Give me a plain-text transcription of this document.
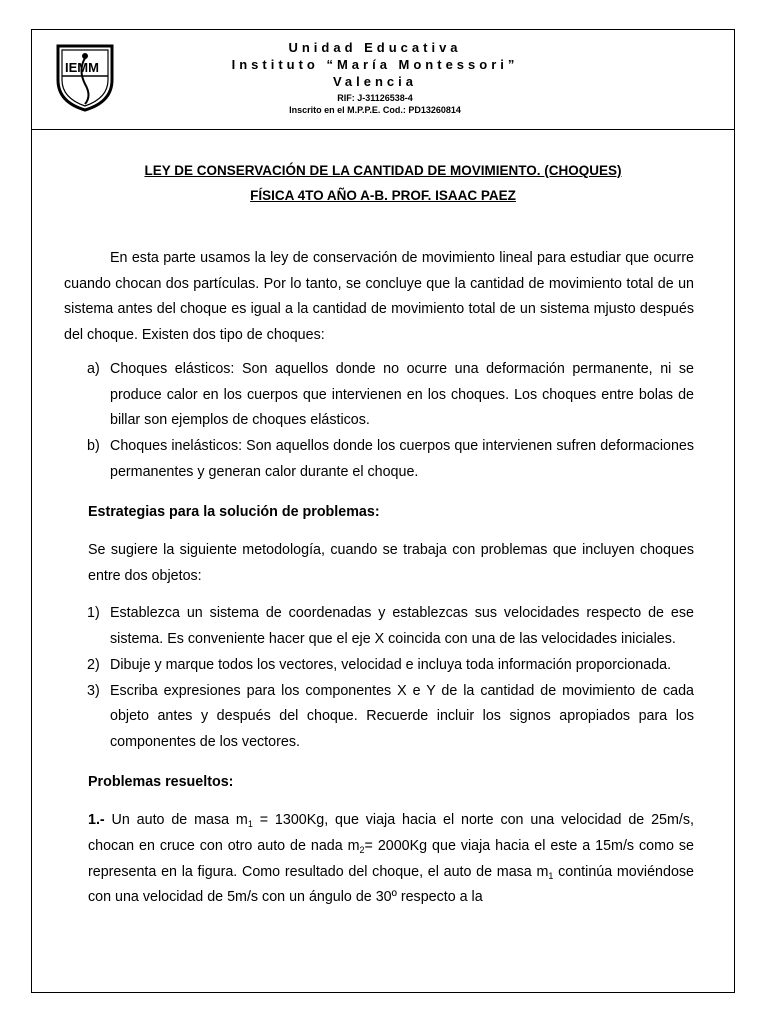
IEMM
Unidad Educativa
Instituto “María Montessori”
Valencia
RIF: J-31126538-4
Inscrito en el M.P.P.E. Cod.: PD13260814
LEY DE CONSERVACIÓN DE LA CANTIDAD DE MOVIMIENTO. (CHOQUES)
FÍSICA 4TO AÑO A-B. PROF. ISAAC PAEZ

En esta parte usamos la ley de conservación de movimiento lineal para estudiar que ocurre cuando chocan dos partículas. Por lo tanto, se concluye que la cantidad de movimiento total de un sistema antes del choque es igual a la cantidad de movimiento total de un sistema mjusto después del choque. Existen dos tipo de choques:

a) Choques elásticos: Son aquellos donde no ocurre una deformación permanente, ni se produce calor en los cuerpos que intervienen en los choques. Los choques entre bolas de billar son ejemplos de choques elásticos.
b) Choques inelásticos: Son aquellos donde los cuerpos que intervienen sufren deformaciones permanentes y generan calor durante el choque.

Estrategias para la solución de problemas:

Se sugiere la siguiente metodología, cuando se trabaja con problemas que incluyen choques entre dos objetos:

1) Establezca un sistema de coordenadas y establezcas sus velocidades respecto de ese sistema. Es conveniente hacer que el eje X coincida con una de las velocidades iniciales.
2) Dibuje y marque todos los vectores, velocidad e incluya toda información proporcionada.
3) Escriba expresiones para los componentes X e Y de la cantidad de movimiento de cada objeto antes y después del choque. Recuerde incluir los signos apropiados para los componentes de los vectores.

Problemas resueltos:

1.- Un auto de masa $m_1 = 1300Kg$, que viaja hacia el norte con una velocidad de 25m/s, chocan en cruce con otro auto de nada $m_2= 2000Kg$ que viaja hacia el este a 15m/s como se representa en la figura. Como resultado del choque, el auto de masa $m_1$ continúa moviéndose con una velocidad de 5m/s con un ángulo de 30º respecto a la
